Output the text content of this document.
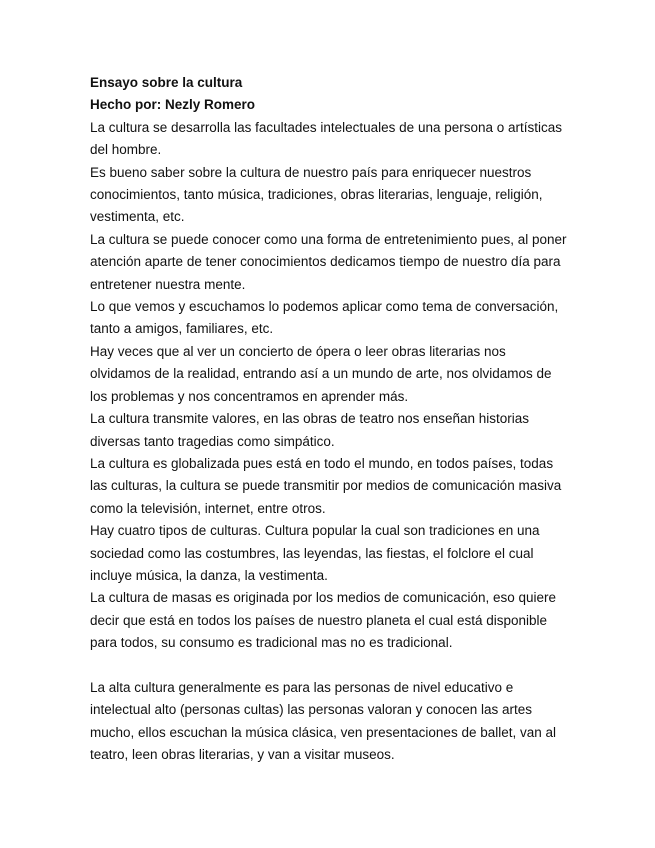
Ensayo sobre la cultura

Hecho por: Nezly Romero

La cultura se desarrolla las facultades intelectuales de una persona o artísticas del hombre.

Es bueno saber sobre la cultura de nuestro país para enriquecer nuestros conocimientos, tanto música, tradiciones, obras literarias, lenguaje, religión, vestimenta, etc.

La cultura se puede conocer como una forma de entretenimiento pues, al poner atención aparte de tener conocimientos dedicamos tiempo de nuestro día para entretener nuestra mente.

Lo que vemos y escuchamos lo podemos aplicar como tema de conversación, tanto a amigos, familiares, etc.

Hay veces que al ver un concierto de ópera o leer obras literarias nos olvidamos de la realidad, entrando así a un mundo de arte, nos olvidamos de los problemas y nos concentramos en aprender más.

La cultura transmite valores, en las obras de teatro nos enseñan historias diversas tanto tragedias como simpático.

La cultura es globalizada pues está en todo el mundo, en todos países, todas las culturas, la cultura se puede transmitir por medios de comunicación masiva como la televisión, internet, entre otros.

Hay cuatro tipos de culturas. Cultura popular la cual son tradiciones en una sociedad como las costumbres, las leyendas, las fiestas, el folclore el cual incluye música, la danza, la vestimenta.

La cultura de masas es originada por los medios de comunicación, eso quiere decir que está en todos los países de nuestro planeta el cual está disponible para todos, su consumo es tradicional mas no es tradicional.

La alta cultura generalmente es para las personas de nivel educativo e intelectual alto (personas cultas) las personas valoran y conocen las artes mucho, ellos escuchan la música clásica, ven presentaciones de ballet, van al teatro, leen obras literarias, y van a visitar museos.
